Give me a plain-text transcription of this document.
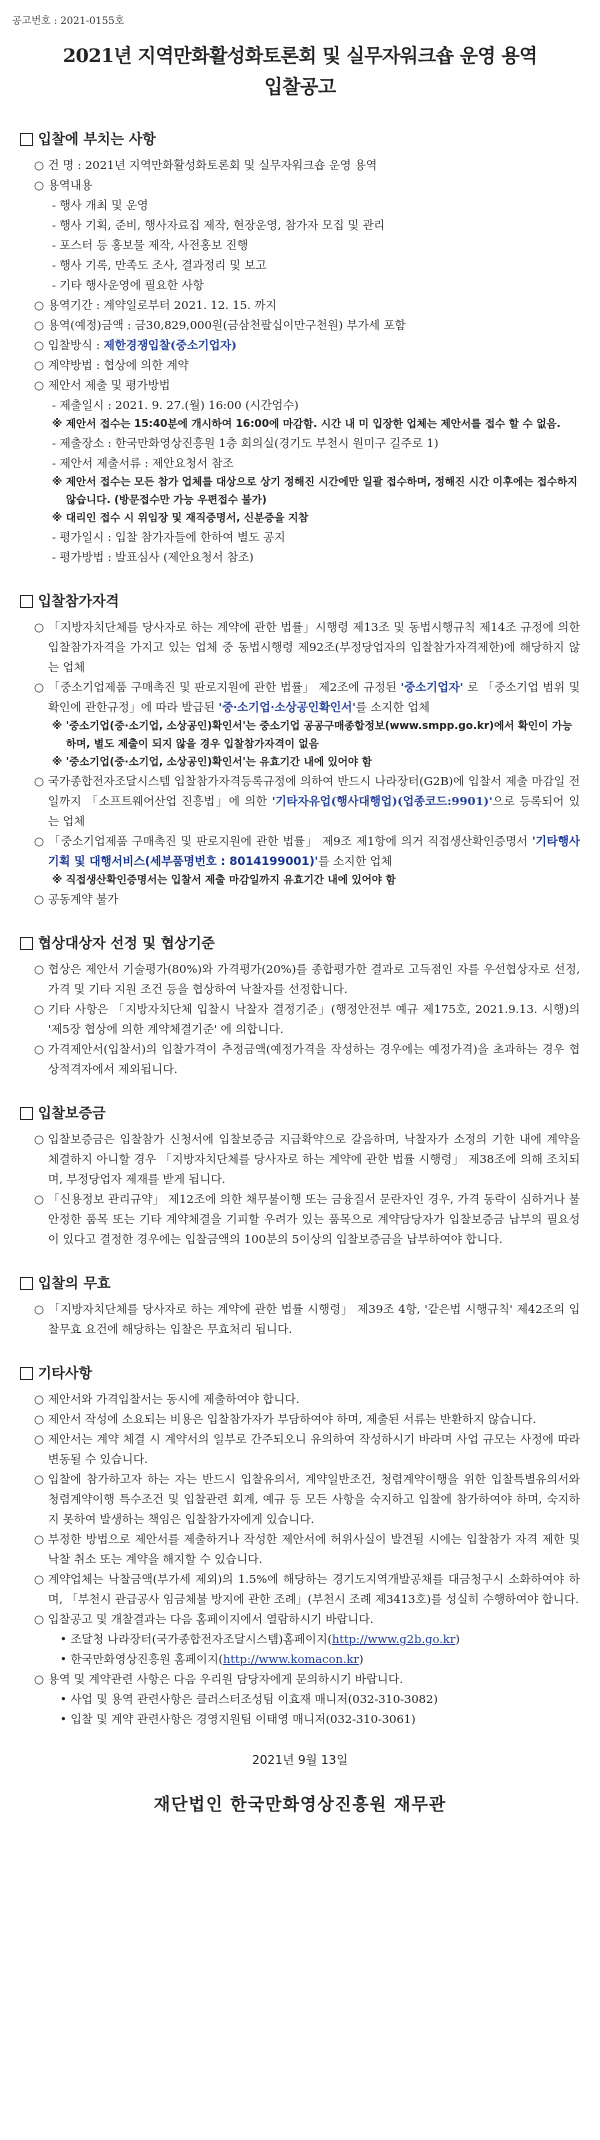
공고번호 : 2021-0155호
2021년 지역만화활성화토론회 및 실무자워크숍 운영 용역
입찰공고
입찰에 부치는 사항
○ 건 명 : 2021년 지역만화활성화토론회 및 실무자워크숍 운영 용역
○ 용역내용
- 행사 개최 및 운영
- 행사 기획, 준비, 행사자료집 제작, 현장운영, 참가자 모집 및 관리
- 포스터 등 홍보물 제작, 사전홍보 진행
- 행사 기록, 만족도 조사, 결과정리 및 보고
- 기타 행사운영에 필요한 사항
○ 용역기간 : 계약일로부터 2021. 12. 15. 까지
○ 용역(예정)금액 : 금30,829,000원(금삼천팔십이만구천원) 부가세 포함
○ 입찰방식 : 제한경쟁입찰(중소기업자)
○ 계약방법 : 협상에 의한 계약
○ 제안서 제출 및 평가방법
- 제출일시 : 2021. 9. 27.(월) 16:00 (시간엄수)
※ 제안서 접수는 15:40분에 개시하여 16:00에 마감함. 시간 내 미 입장한 업체는 제안서를 접수 할 수 없음.
- 제출장소 : 한국만화영상진흥원 1층 회의실(경기도 부천시 원미구 길주로 1)
- 제안서 제출서류 : 제안요청서 참조
※ 제안서 접수는 모든 참가 업체를 대상으로 상기 정해진 시간에만 일괄 접수하며, 정해진 시간 이후에는 접수하지 않습니다. (방문접수만 가능 우편접수 불가)
※ 대리인 접수 시 위임장 및 재직증명서, 신분증을 지참
- 평가일시 : 입찰 참가자들에 한하여 별도 공지
- 평가방법 : 발표심사 (제안요청서 참조)
입찰참가자격
○ 「지방자치단체를 당사자로 하는 계약에 관한 법률」시행령 제13조 및 동법시행규칙 제14조 규정에 의한 입찰참가자격을 가지고 있는 업체 중 동법시행령 제92조(부정당업자의 입찰참가자격제한)에 해당하지 않는 업체
○ 「중소기업제품 구매촉진 및 판로지원에 관한 법률」 제2조에 규정된 '중소기업자' 로 「중소기업 범위 및 확인에 관한규정」에 따라 발급된 '중·소기업·소상공인확인서'를 소지한 업체
※ '중소기업(중·소기업, 소상공인)확인서'는 중소기업 공공구매종합정보(www.smpp.go.kr)에서 확인이 가능하며, 별도 제출이 되지 않을 경우 입찰참가자격이 없음
※ '중소기업(중·소기업, 소상공인)확인서'는 유효기간 내에 있어야 함
○ 국가종합전자조달시스템 입찰참가자격등록규정에 의하여 반드시 나라장터(G2B)에 입찰서 제출 마감일 전일까지 「소프트웨어산업 진흥법」에 의한 '기타자유업(행사대행업)(업종코드:9901)'으로 등록되어 있는 업체
○ 「중소기업제품 구매촉진 및 판로지원에 관한 법률」 제9조 제1항에 의거 직접생산확인증명서 '기타행사기획 및 대행서비스(세부품명번호 : 8014199001)'를 소지한 업체
※ 직접생산확인증명서는 입찰서 제출 마감일까지 유효기간 내에 있어야 함
○ 공동계약 불가
협상대상자 선정 및 협상기준
○ 협상은 제안서 기술평가(80%)와 가격평가(20%)를 종합평가한 결과로 고득점인 자를 우선협상자로 선정, 가격 및 기타 지원 조건 등을 협상하여 낙찰자를 선정합니다.
○ 기타 사항은 「지방자치단체 입찰시 낙찰자 결정기준」(행정안전부 예규 제175호, 2021.9.13. 시행)의 '제5장 협상에 의한 계약체결기준' 에 의합니다.
○ 가격제안서(입찰서)의 입찰가격이 추정금액(예정가격을 작성하는 경우에는 예정가격)을 초과하는 경우 협상적격자에서 제외됩니다.
입찰보증금
○ 입찰보증금은 입찰참가 신청서에 입찰보증금 지급확약으로 갈음하며, 낙찰자가 소정의 기한 내에 계약을 체결하지 아니할 경우 「지방자치단체를 당사자로 하는 계약에 관한 법률 시행령」 제38조에 의해 조치되며, 부정당업자 제재를 받게 됩니다.
○ 「신용정보 관리규약」 제12조에 의한 채무불이행 또는 금융질서 문란자인 경우, 가격 동락이 심하거나 불안정한 품목 또는 기타 계약체결을 기피할 우려가 있는 품목으로 계약담당자가 입찰보증금 납부의 필요성이 있다고 결정한 경우에는 입찰금액의 100분의 5이상의 입찰보증금을 납부하여야 합니다.
입찰의 무효
○ 「지방자치단체를 당사자로 하는 계약에 관한 법률 시행령」 제39조 4항, '같은법 시행규칙' 제42조의 입찰무효 요건에 해당하는 입찰은 무효처리 됩니다.
기타사항
○ 제안서와 가격입찰서는 동시에 제출하여야 합니다.
○ 제안서 작성에 소요되는 비용은 입찰참가자가 부담하여야 하며, 제출된 서류는 반환하지 않습니다.
○ 제안서는 계약 체결 시 계약서의 일부로 간주되오니 유의하여 작성하시기 바라며 사업 규모는 사정에 따라 변동될 수 있습니다.
○ 입찰에 참가하고자 하는 자는 반드시 입찰유의서, 계약일반조건, 청렴계약이행을 위한 입찰특별유의서와 청렴계약이행 특수조건 및 입찰관련 회계, 예규 등 모든 사항을 숙지하고 입찰에 참가하여야 하며, 숙지하지 못하여 발생하는 책임은 입찰참가자에게 있습니다.
○ 부정한 방법으로 제안서를 제출하거나 작성한 제안서에 허위사실이 발견될 시에는 입찰참가 자격 제한 및 낙찰 취소 또는 계약을 해지할 수 있습니다.
○ 계약업체는 낙찰금액(부가세 제외)의 1.5%에 해당하는 경기도지역개발공채를 대금청구시 소화하여야 하며, 「부천시 관급공사 임금체불 방지에 관한 조례」(부천시 조례 제3413호)를 성실히 수행하여야 합니다.
○ 입찰공고 및 개찰결과는 다음 홈페이지에서 열람하시기 바랍니다.
• 조달청 나라장터(국가종합전자조달시스템)홈페이지(http://www.g2b.go.kr)
• 한국만화영상진흥원 홈페이지(http://www.komacon.kr)
○ 용역 및 계약관련 사항은 다음 우리원 담당자에게 문의하시기 바랍니다.
• 사업 및 용역 관련사항은 클러스터조성팀 이효재 매니저(032-310-3082)
• 입찰 및 계약 관련사항은 경영지원팀 이태영 매니저(032-310-3061)
2021년 9월 13일
재단법인 한국만화영상진흥원 재무관
